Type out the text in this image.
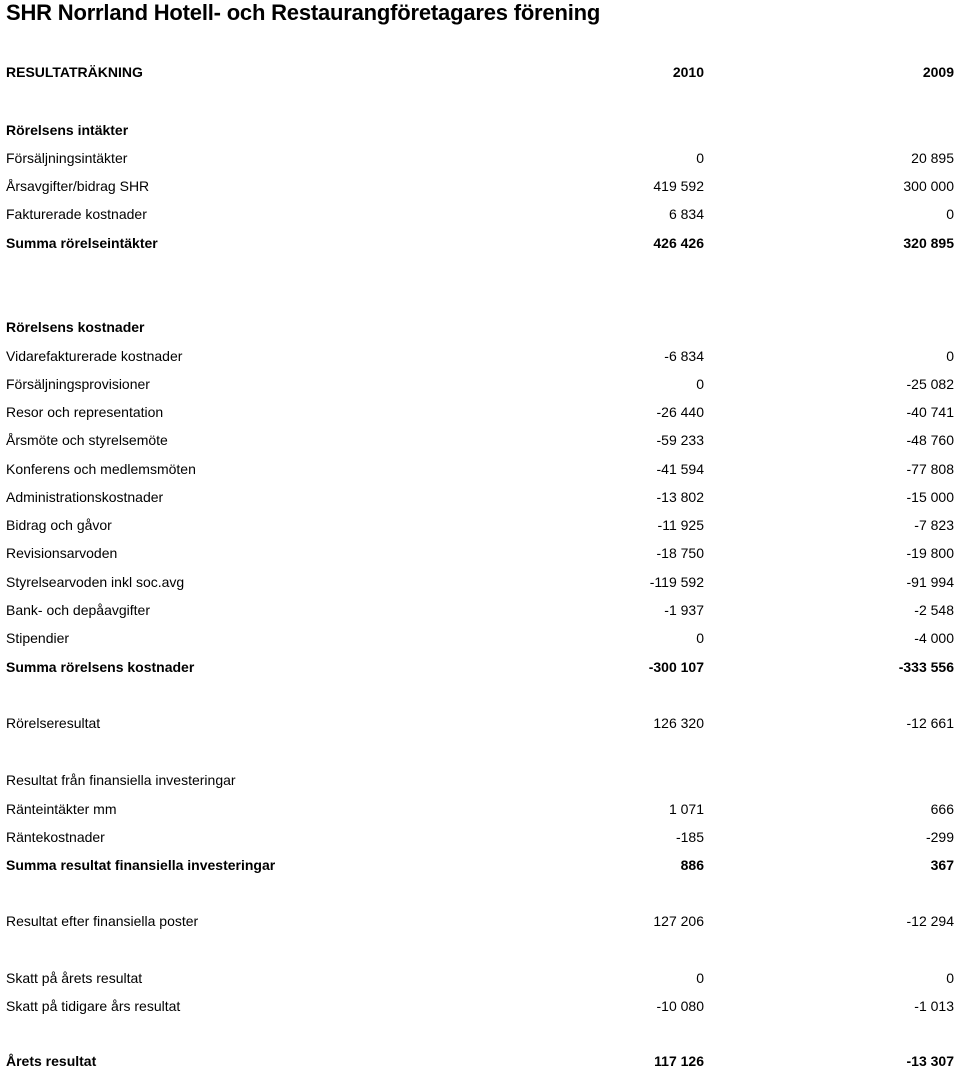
SHR Norrland Hotell- och Restaurangföretagares förening
RESULTATRÄKNING	2010	2009
Rörelsens intäkter
Försäljningsintäkter	0	20 895
Årsavgifter/bidrag SHR	419 592	300 000
Fakturerade kostnader	6 834	0
Summa rörelseintäkter	426 426	320 895
Rörelsens kostnader
Vidarefakturerade kostnader	-6 834	0
Försäljningsprovisioner	0	-25 082
Resor och representation	-26 440	-40 741
Årsmöte och styrelsemöte	-59 233	-48 760
Konferens och medlemsmöten	-41 594	-77 808
Administrationskostnader	-13 802	-15 000
Bidrag och gåvor	-11 925	-7 823
Revisionsarvoden	-18 750	-19 800
Styrelsearvoden inkl soc.avg	-119 592	-91 994
Bank- och depåavgifter	-1 937	-2 548
Stipendier	0	-4 000
Summa rörelsens kostnader	-300 107	-333 556
Rörelseresultat	126 320	-12 661
Resultat från finansiella investeringar
Ränteintäkter mm	1 071	666
Räntekostnader	-185	-299
Summa resultat finansiella investeringar	886	367
Resultat efter finansiella poster	127 206	-12 294
Skatt på årets resultat	0	0
Skatt på tidigare års resultat	-10 080	-1 013
Årets resultat	117 126	-13 307
